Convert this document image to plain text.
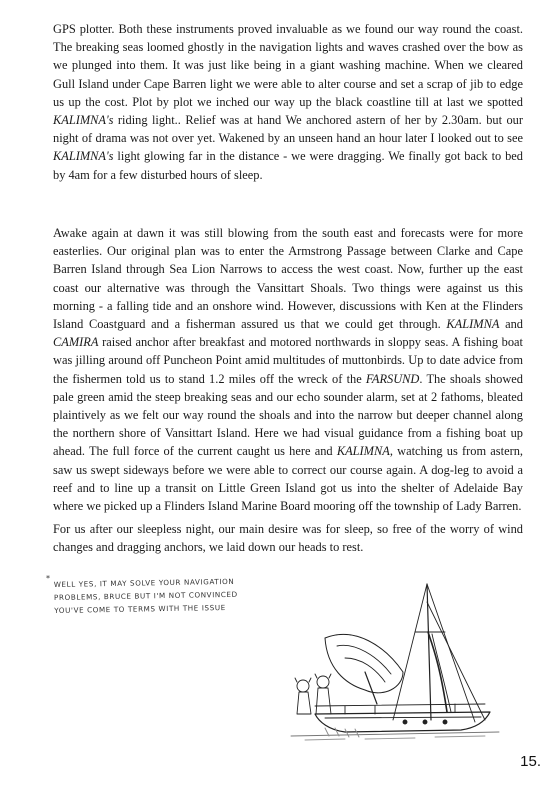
GPS plotter. Both these instruments proved invaluable as we found our way round the coast. The breaking seas loomed ghostly in the navigation lights and waves crashed over the bow as we plunged into them. It was just like being in a giant washing machine. When we cleared Gull Island under Cape Barren light we were able to alter course and set a scrap of jib to edge us up the cost. Plot by plot we inched our way up the black coastline till at last we spotted KALIMNA's riding light.. Relief was at hand We anchored astern of her by 2.30am. but our night of drama was not over yet. Wakened by an unseen hand an hour later I looked out to see KALIMNA's light glowing far in the distance - we were dragging. We finally got back to bed by 4am for a few disturbed hours of sleep.

Awake again at dawn it was still blowing from the south east and forecasts were for more easterlies. Our original plan was to enter the Armstrong Passage between Clarke and Cape Barren Island through Sea Lion Narrows to access the west coast. Now, further up the east coast our alternative was through the Vansittart Shoals. Two things were against us this morning - a falling tide and an onshore wind. However, discussions with Ken at the Flinders Island Coastguard and a fisherman assured us that we could get through. KALIMNA and CAMIRA raised anchor after breakfast and motored northwards in sloppy seas. A fishing boat was jilling around off Puncheon Point amid multitudes of muttonbirds. Up to date advice from the fishermen told us to stand 1.2 miles off the wreck of the FARSUND. The shoals showed pale green amid the steep breaking seas and our echo sounder alarm, set at 2 fathoms, bleated plaintively as we felt our way round the shoals and into the narrow but deeper channel along the northern shore of Vansittart Island. Here we had visual guidance from a fishing boat up ahead. The full force of the current caught us here and KALIMNA, watching us from astern, saw us swept sideways before we were able to correct our course again. A dog-leg to avoid a reef and to line up a transit on Little Green Island got us into the shelter of Adelaide Bay where we picked up a Flinders Island Marine Board mooring off the township of Lady Barren.

For us after our sleepless night, our main desire was for sleep, so free of the worry of wind changes and dragging anchors, we laid down our heads to rest.

* WELL YES, IT MAY SOLVE YOUR NAVIGATION
PROBLEMS, BRUCE BUT I'M NOT CONVINCED
YOU'VE COME TO TERMS WITH THE ISSUE
15.
